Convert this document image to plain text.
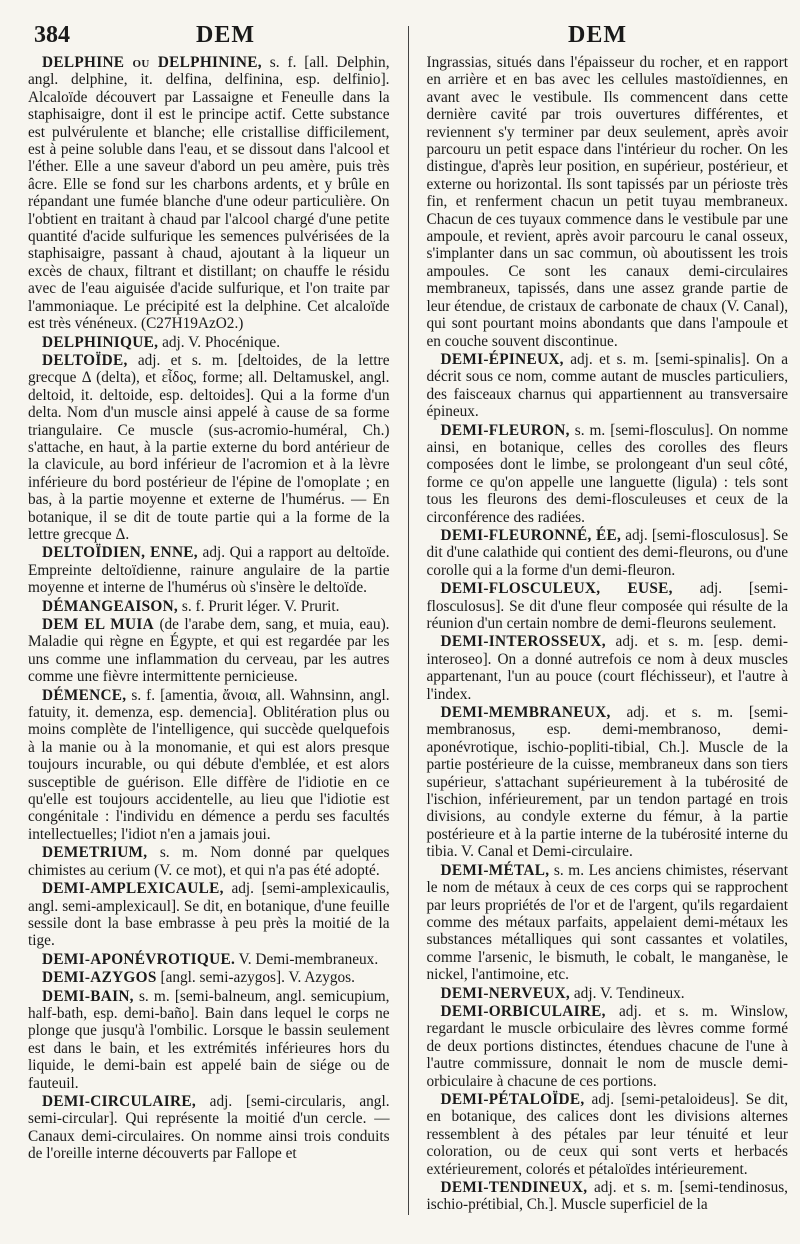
384	DEM	DEM

DELPHINE ou DELPHININE, s. f. [all. Delphin, angl. delphine, it. delfina, delfinina, esp. delfinio]. Alcaloïde découvert par Lassaigne et Feneulle dans la staphisaigre, dont il est le principe actif. Cette substance est pulvérulente et blanche; elle cristallise difficilement, est à peine soluble dans l'eau, et se dissout dans l'alcool et l'éther. Elle a une saveur d'abord un peu amère, puis très âcre. Elle se fond sur les charbons ardents, et y brûle en répandant une fumée blanche d'une odeur particulière. On l'obtient en traitant à chaud par l'alcool chargé d'une petite quantité d'acide sulfurique les semences pulvérisées de la staphisaigre, passant à chaud, ajoutant à la liqueur un excès de chaux, filtrant et distillant; on chauffe le résidu avec de l'eau aiguisée d'acide sulfurique, et l'on traite par l'ammoniaque. Le précipité est la delphine. Cet alcaloïde est très vénéneux. (C27H19AzO2.)

DELPHINIQUE, adj. V. Phocénique.

DELTOÏDE, adj. et s. m. [deltoides, de la lettre grecque Δ (delta), et εἶδος, forme; all. Deltamuskel, angl. deltoid, it. deltoide, esp. deltoides]. Qui a la forme d'un delta. Nom d'un muscle ainsi appelé à cause de sa forme triangulaire. Ce muscle (sus-acromio-huméral, Ch.) s'attache, en haut, à la partie externe du bord antérieur de la clavicule, au bord inférieur de l'acromion et à la lèvre inférieure du bord postérieur de l'épine de l'omoplate ; en bas, à la partie moyenne et externe de l'humérus. — En botanique, il se dit de toute partie qui a la forme de la lettre grecque Δ.

DELTOÏDIEN, ENNE, adj. Qui a rapport au deltoïde. Empreinte deltoïdienne, rainure angulaire de la partie moyenne et interne de l'humérus où s'insère le deltoïde.

DÉMANGEAISON, s. f. Prurit léger. V. Prurit.

DEM EL MUIA (de l'arabe dem, sang, et muia, eau). Maladie qui règne en Égypte, et qui est regardée par les uns comme une inflammation du cerveau, par les autres comme une fièvre intermittente pernicieuse.

DÉMENCE, s. f. [amentia, ἄνοια, all. Wahnsinn, angl. fatuity, it. demenza, esp. demencia]. Oblitération plus ou moins complète de l'intelligence, qui succède quelquefois à la manie ou à la monomanie, et qui est alors presque toujours incurable, ou qui débute d'emblée, et est alors susceptible de guérison. Elle diffère de l'idiotie en ce qu'elle est toujours accidentelle, au lieu que l'idiotie est congénitale : l'individu en démence a perdu ses facultés intellectuelles; l'idiot n'en a jamais joui.

DEMETRIUM, s. m. Nom donné par quelques chimistes au cerium (V. ce mot), et qui n'a pas été adopté.

DEMI-AMPLEXICAULE, adj. [semi-amplexicaulis, angl. semi-amplexicaul]. Se dit, en botanique, d'une feuille sessile dont la base embrasse à peu près la moitié de la tige.

DEMI-APONÉVROTIQUE. V. Demi-membraneux.

DEMI-AZYGOS [angl. semi-azygos]. V. Azygos.

DEMI-BAIN, s. m. [semi-balneum, angl. semicupium, half-bath, esp. demi-baño]. Bain dans lequel le corps ne plonge que jusqu'à l'ombilic. Lorsque le bassin seulement est dans le bain, et les extrémités inférieures hors du liquide, le demi-bain est appelé bain de siége ou de fauteuil.

DEMI-CIRCULAIRE, adj. [semi-circularis, angl. semi-circular]. Qui représente la moitié d'un cercle. — Canaux demi-circulaires. On nomme ainsi trois conduits de l'oreille interne découverts par Fallope et

Ingrassias, situés dans l'épaisseur du rocher, et en rapport en arrière et en bas avec les cellules mastoïdiennes, en avant avec le vestibule. Ils commencent dans cette dernière cavité par trois ouvertures différentes, et reviennent s'y terminer par deux seulement, après avoir parcouru un petit espace dans l'intérieur du rocher. On les distingue, d'après leur position, en supérieur, postérieur, et externe ou horizontal. Ils sont tapissés par un périoste très fin, et renferment chacun un petit tuyau membraneux. Chacun de ces tuyaux commence dans le vestibule par une ampoule, et revient, après avoir parcouru le canal osseux, s'implanter dans un sac commun, où aboutissent les trois ampoules. Ce sont les canaux demi-circulaires membraneux, tapissés, dans une assez grande partie de leur étendue, de cristaux de carbonate de chaux (V. Canal), qui sont pourtant moins abondants que dans l'ampoule et en couche souvent discontinue.

DEMI-ÉPINEUX, adj. et s. m. [semi-spinalis]. On a décrit sous ce nom, comme autant de muscles particuliers, des faisceaux charnus qui appartiennent au transversaire épineux.

DEMI-FLEURON, s. m. [semi-flosculus]. On nomme ainsi, en botanique, celles des corolles des fleurs composées dont le limbe, se prolongeant d'un seul côté, forme ce qu'on appelle une languette (ligula) : tels sont tous les fleurons des demi-flosculeuses et ceux de la circonférence des radiées.

DEMI-FLEURONNÉ, ÉE, adj. [semi-flosculosus]. Se dit d'une calathide qui contient des demi-fleurons, ou d'une corolle qui a la forme d'un demi-fleuron.

DEMI-FLOSCULEUX, EUSE, adj. [semi-flosculosus]. Se dit d'une fleur composée qui résulte de la réunion d'un certain nombre de demi-fleurons seulement.

DEMI-INTEROSSEUX, adj. et s. m. [esp. demi-interoseo]. On a donné autrefois ce nom à deux muscles appartenant, l'un au pouce (court fléchisseur), et l'autre à l'index.

DEMI-MEMBRANEUX, adj. et s. m. [semi-membranosus, esp. demi-membranoso, demi-aponévrotique, ischio-popliti-tibial, Ch.]. Muscle de la partie postérieure de la cuisse, membraneux dans son tiers supérieur, s'attachant supérieurement à la tubérosité de l'ischion, inférieurement, par un tendon partagé en trois divisions, au condyle externe du fémur, à la partie postérieure et à la partie interne de la tubérosité interne du tibia. V. Canal et Demi-circulaire.

DEMI-MÉTAL, s. m. Les anciens chimistes, réservant le nom de métaux à ceux de ces corps qui se rapprochent par leurs propriétés de l'or et de l'argent, qu'ils regardaient comme des métaux parfaits, appelaient demi-métaux les substances métalliques qui sont cassantes et volatiles, comme l'arsenic, le bismuth, le cobalt, le manganèse, le nickel, l'antimoine, etc.

DEMI-NERVEUX, adj. V. Tendineux.

DEMI-ORBICULAIRE, adj. et s. m. Winslow, regardant le muscle orbiculaire des lèvres comme formé de deux portions distinctes, étendues chacune de l'une à l'autre commissure, donnait le nom de muscle demi-orbiculaire à chacune de ces portions.

DEMI-PÉTALOÏDE, adj. [semi-petaloideus]. Se dit, en botanique, des calices dont les divisions alternes ressemblent à des pétales par leur ténuité et leur coloration, ou de ceux qui sont verts et herbacés extérieurement, colorés et pétaloïdes intérieurement.

DEMI-TENDINEUX, adj. et s. m. [semi-tendinosus, ischio-prétibial, Ch.]. Muscle superficiel de la
